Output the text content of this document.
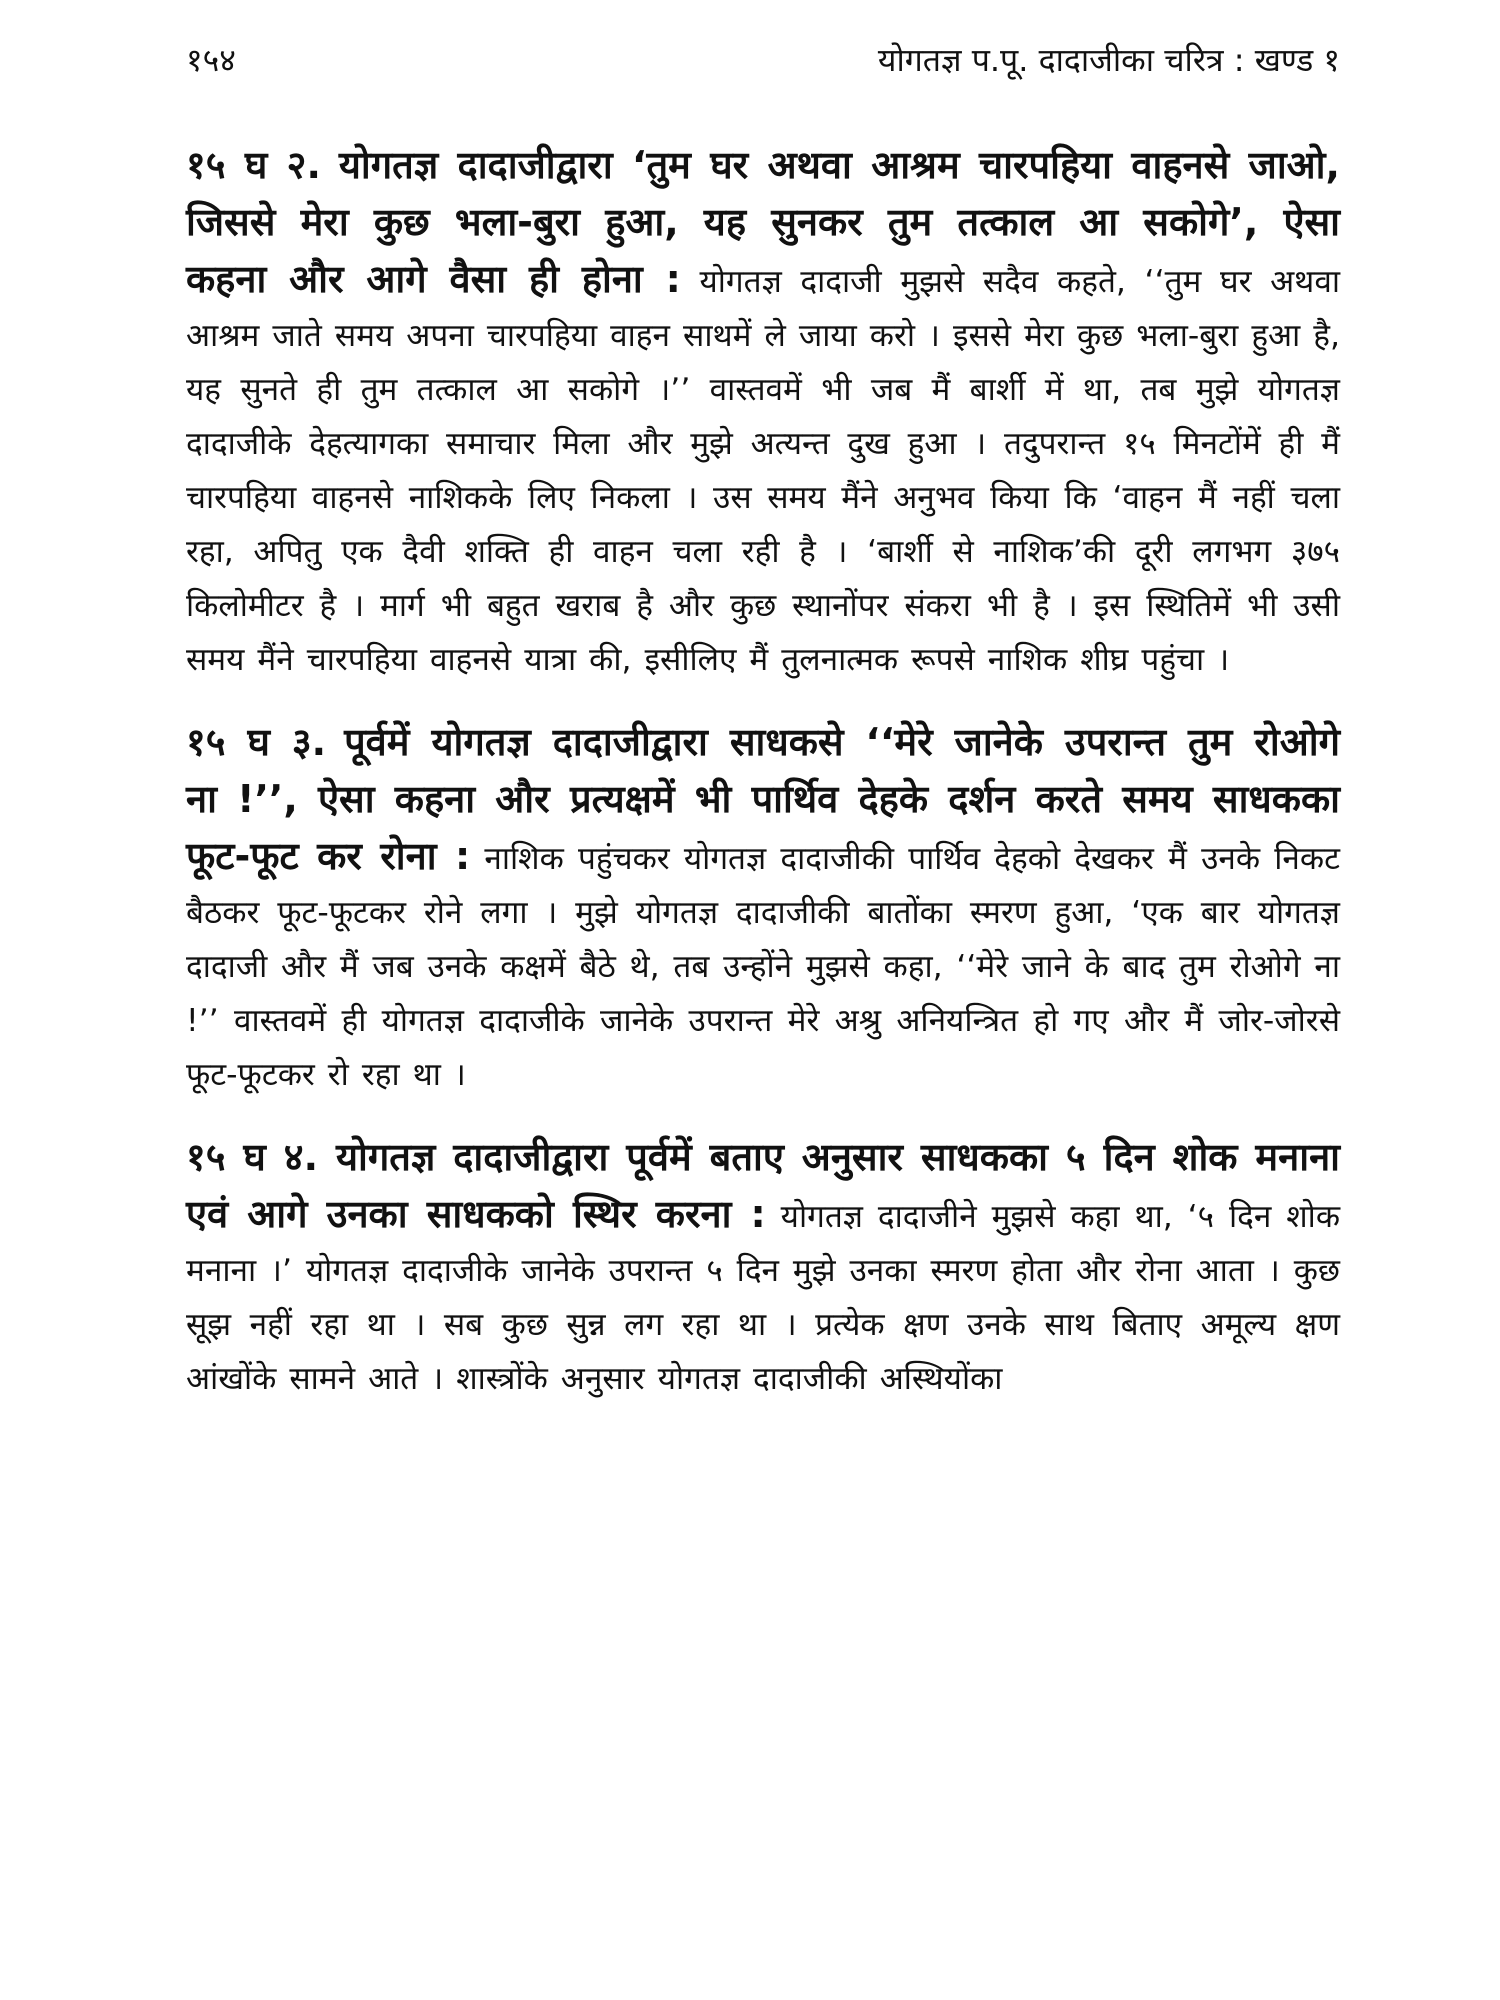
१५४	योगतज्ञ प.पू. दादाजीका चरित्र : खण्ड १

१५ घ २. योगतज्ञ दादाजीद्वारा ‘तुम घर अथवा आश्रम चारपहिया वाहनसे जाओ, जिससे मेरा कुछ भला-बुरा हुआ, यह सुनकर तुम तत्काल आ सकोगे’, ऐसा कहना और आगे वैसा ही होना : योगतज्ञ दादाजी मुझसे सदैव कहते, ‘‘तुम घर अथवा आश्रम जाते समय अपना चारपहिया वाहन साथमें ले जाया करो । इससे मेरा कुछ भला-बुरा हुआ है, यह सुनते ही तुम तत्काल आ सकोगे ।’’ वास्तवमें भी जब मैं बार्शी में था, तब मुझे योगतज्ञ दादाजीके देहत्यागका समाचार मिला और मुझे अत्यन्त दुख हुआ । तदुपरान्त १५ मिनटोंमें ही मैं चारपहिया वाहनसे नाशिकके लिए निकला । उस समय मैंने अनुभव किया कि ‘वाहन मैं नहीं चला रहा, अपितु एक दैवी शक्ति ही वाहन चला रही है । ‘बार्शी से नाशिक’की दूरी लगभग ३७५ किलोमीटर है । मार्ग भी बहुत खराब है और कुछ स्थानोंपर संकरा भी है । इस स्थितिमें भी उसी समय मैंने चारपहिया वाहनसे यात्रा की, इसीलिए मैं तुलनात्मक रूपसे नाशिक शीघ्र पहुंचा ।

१५ घ ३. पूर्वमें योगतज्ञ दादाजीद्वारा साधकसे ‘‘मेरे जानेके उपरान्त तुम रोओगे ना !’’, ऐसा कहना और प्रत्यक्षमें भी पार्थिव देहके दर्शन करते समय साधकका फूट-फूट कर रोना : नाशिक पहुंचकर योगतज्ञ दादाजीकी पार्थिव देहको देखकर मैं उनके निकट बैठकर फूट-फूटकर रोने लगा । मुझे योगतज्ञ दादाजीकी बातोंका स्मरण हुआ, ‘एक बार योगतज्ञ दादाजी और मैं जब उनके कक्षमें बैठे थे, तब उन्होंने मुझसे कहा, ‘‘मेरे जाने के बाद तुम रोओगे ना !’’ वास्तवमें ही योगतज्ञ दादाजीके जानेके उपरान्त मेरे अश्रु अनियन्त्रित हो गए और मैं जोर-जोरसे फूट-फूटकर रो रहा था ।

१५ घ ४. योगतज्ञ दादाजीद्वारा पूर्वमें बताए अनुसार साधकका ५ दिन शोक मनाना एवं आगे उनका साधकको स्थिर करना : योगतज्ञ दादाजीने मुझसे कहा था, ‘५ दिन शोक मनाना ।’ योगतज्ञ दादाजीके जानेके उपरान्त ५ दिन मुझे उनका स्मरण होता और रोना आता । कुछ सूझ नहीं रहा था । सब कुछ सुन्न लग रहा था । प्रत्येक क्षण उनके साथ बिताए अमूल्य क्षण आंखोंके सामने आते । शास्त्रोंके अनुसार योगतज्ञ दादाजीकी अस्थियोंका
